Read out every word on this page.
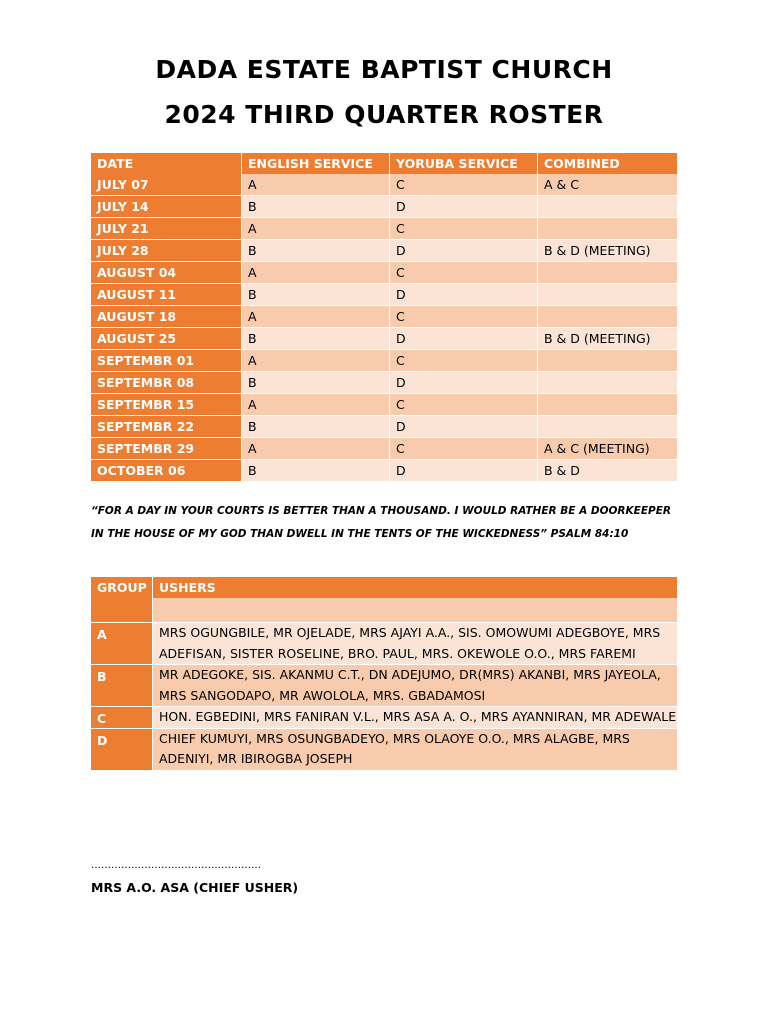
DADA ESTATE BAPTIST CHURCH
2024 THIRD QUARTER ROSTER
DATE	ENGLISH SERVICE	YORUBA SERVICE	COMBINED
JULY 07	A	C	A & C
JULY 14	B	D	
JULY 21	A	C	
JULY 28	B	D	B & D (MEETING)
AUGUST 04	A	C	
AUGUST 11	B	D	
AUGUST 18	A	C	
AUGUST 25	B	D	B & D (MEETING)
SEPTEMBR 01	A	C	
SEPTEMBR 08	B	D	
SEPTEMBR 15	A	C	
SEPTEMBR 22	B	D	
SEPTEMBR 29	A	C	A & C (MEETING)
OCTOBER 06	B	D	B & D
“FOR A DAY IN YOUR COURTS IS BETTER THAN A THOUSAND. I WOULD RATHER BE A DOORKEEPER IN THE HOUSE OF MY GOD THAN DWELL IN THE TENTS OF THE WICKEDNESS” PSALM 84:10
GROUP	USHERS

A	MRS OGUNGBILE, MR OJELADE, MRS AJAYI A.A., SIS. OMOWUMI ADEGBOYE, MRS ADEFISAN, SISTER ROSELINE, BRO. PAUL, MRS. OKEWOLE O.O., MRS FAREMI
B	MR ADEGOKE, SIS. AKANMU C.T., DN ADEJUMO, DR(MRS) AKANBI, MRS JAYEOLA, MRS SANGODAPO, MR AWOLOLA, MRS. GBADAMOSI
C	HON. EGBEDINI, MRS FANIRAN V.L., MRS ASA A. O., MRS AYANNIRAN, MR ADEWALE
D	CHIEF KUMUYI, MRS OSUNGBADEYO, MRS OLAOYE O.O., MRS ALAGBE, MRS ADENIYI, MR IBIROGBA JOSEPH
……………………………………………
MRS A.O. ASA (CHIEF USHER)
